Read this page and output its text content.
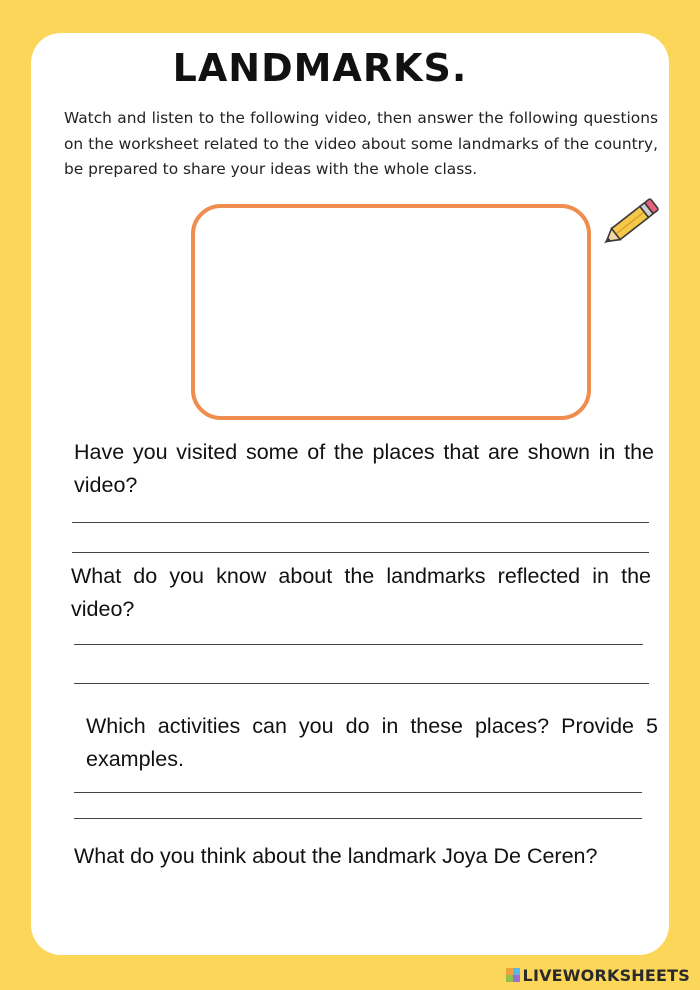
LANDMARKS.

Watch and listen to the following video, then answer the following questions on the worksheet related to the video about some landmarks of the country, be prepared to share your ideas with the whole class.

Have you visited some of the places that are shown in the video?

What do you know about the landmarks reflected in the video?

Which activities can you do in these places? Provide 5 examples.

What do you think about the landmark Joya De Ceren?

LIVEWORKSHEETS
